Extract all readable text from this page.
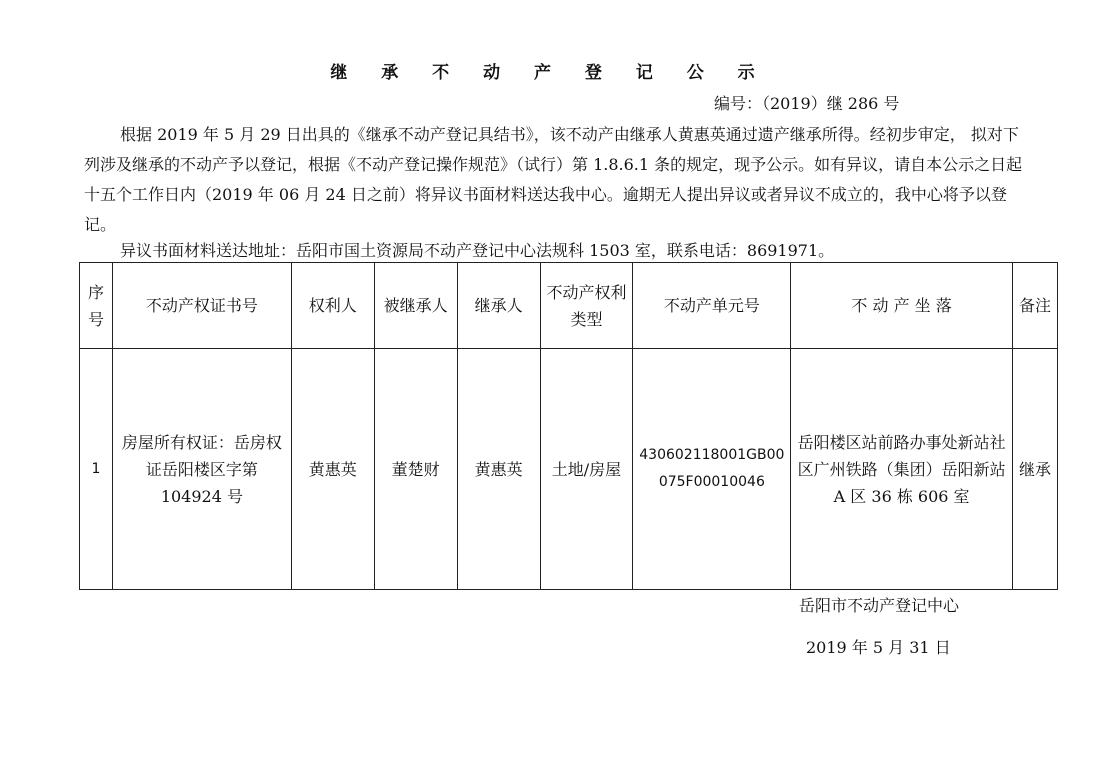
继 承 不 动 产 登 记 公 示
编号：（2019）继 286 号
根据 2019 年 5 月 29 日出具的《继承不动产登记具结书》，该不动产由继承人黄惠英通过遗产继承所得。经初步审定， 拟对下列涉及继承的不动产予以登记，根据《不动产登记操作规范》（试行）第 1.8.6.1 条的规定，现予公示。如有异议，请自本公示之日起十五个工作日内（2019 年 06 月 24 日之前）将异议书面材料送达我中心。逾期无人提出异议或者异议不成立的，我中心将予以登记。
异议书面材料送达地址：岳阳市国土资源局不动产登记中心法规科 1503 室，联系电话：8691971。
序号	不动产权证书号	权利人	被继承人	继承人	不动产权利类型	不动产单元号	不 动 产 坐 落	备注
1	房屋所有权证：岳房权证岳阳楼区字第 104924 号	黄惠英	董楚财	黄惠英	土地/房屋	430602118001GB00075F00010046	岳阳楼区站前路办事处新站社区广州铁路（集团）岳阳新站 A 区 36 栋 606 室	继承
岳阳市不动产登记中心
2019 年 5 月 31 日
